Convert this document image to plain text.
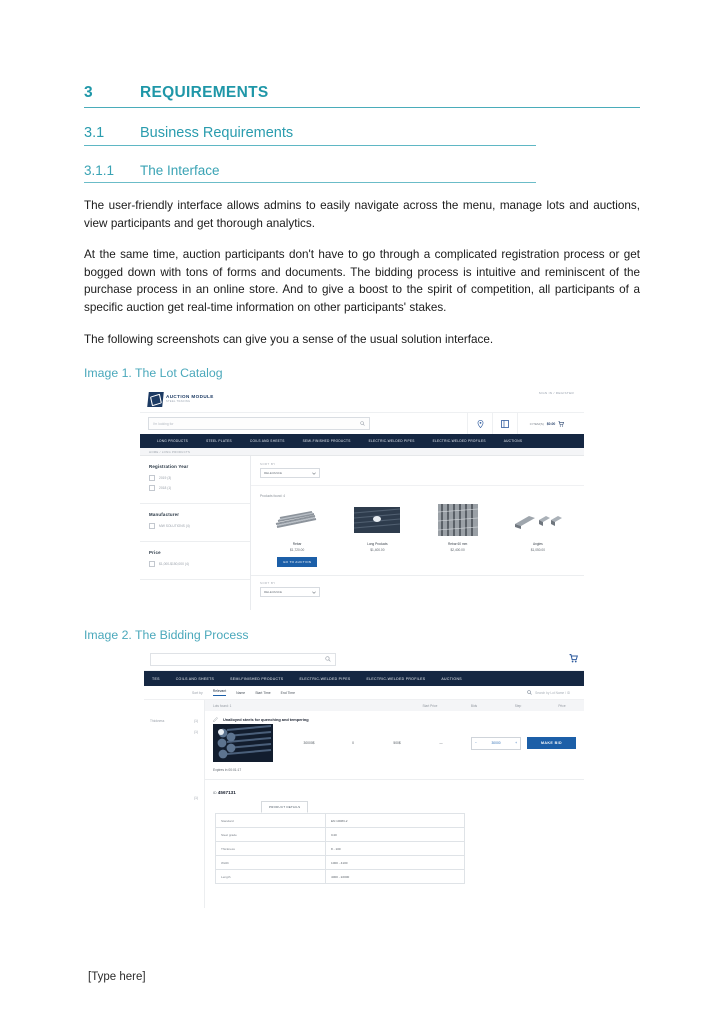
3	REQUIREMENTS
3.1	Business Requirements
3.1.1	The Interface

The user-friendly interface allows admins to easily navigate across the menu, manage lots and auctions, view participants and get thorough analytics.

At the same time, auction participants don't have to go through a complicated registration process or get bogged down with tons of forms and documents. The bidding process is intuitive and reminiscent of the purchase process in an online store. And to give a boost to the spirit of competition, all participants of a specific auction get real-time information on other participants' stakes.

The following screenshots can give you a sense of the usual solution interface.

Image 1. The Lot Catalog
AUCTION MODULE
STEEL TRADING
SIGN IN / REGISTER
I'm looking for	0 ITEM(S) $0.00
LONG PRODUCTS	STEEL PLATES	COILS AND SHEETS	SEMI-FINISHED PRODUCTS	ELECTRIC-WELDED PIPES	ELECTRIC-WELDED PROFILES	AUCTIONS
HOME / LONG PRODUCTS
Registration Year
2019 (3)
2018 (1)
Manufacturer
MW SOLUTIONS (4)
Price
$1,000-$150,000 (4)
SORT BY
RELEVANCE
Products found: 4
Rebar
$1,720.00
GO TO AUCTION
Long Products
$1,400.00
Rebar 60 mm
$2,400.00
Angles
$1,050.00
SORT BY
RELEVANCE
Image 2. The Bidding Process
TES	COILS AND SHEETS	SEMI-FINISHED PRODUCTS	ELECTRIC-WELDED PIPES	ELECTRIC-WELDED PROFILES	AUCTIONS
Sort by	Relevant	Name	Start Time	End Time	Search by Lot Name / ID
Thickness	(1)
(1)
(1)
Lots found: 1	Start Price	Bids	Step	Price
Unalloyed steels for quenching and tempering
30000$	0	500$	—	−	30000	+	MAKE BID
Expires in 00:01:17
ID 4567131
PRODUCT DETAILS
Standard	EN 10083-2
Steel grade	C40
Thickness	8 - 100
Width	1000 - 4100
Length	4000 - 22000
[Type here]
